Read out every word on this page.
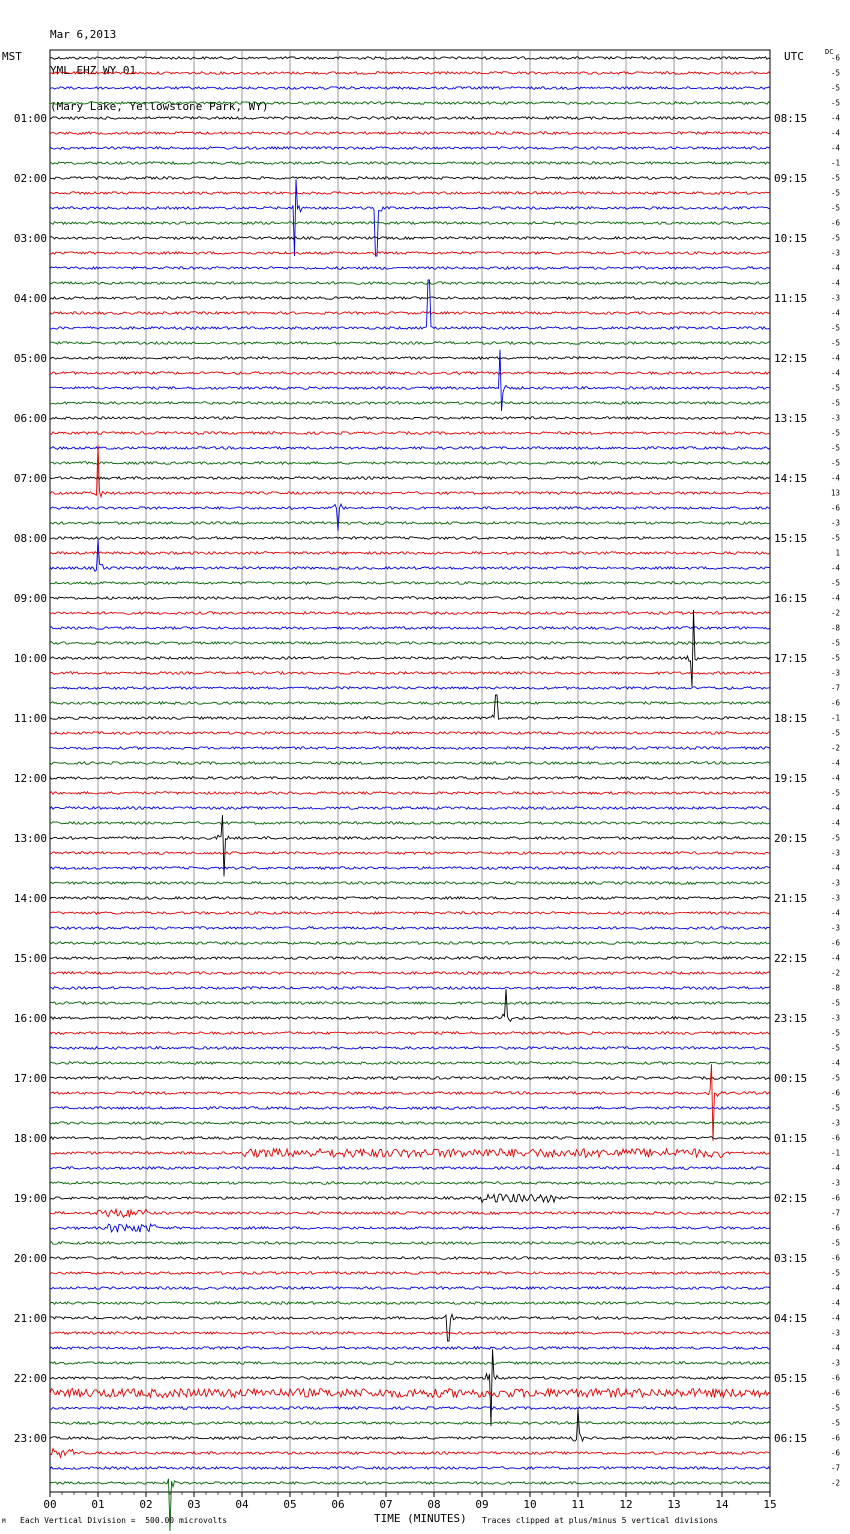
Mar 6,2013

YML EHZ WY 01

(Mary Lake, Yellowstone Park, WY)

MST	UTC	DC
-6
-5
-5
-5
-4
-4
-4
-1
-5
-5
-5
-6
-5
-3
-4
-4
-3
-4
-5
-5
-4
-4
-5
-5
-3
-5
-5
-5
-4
13
-6
-3
-5
1
-4
-5
-4
-2
-8
-5
-5
-3
-7
-6
-1
-5
-2
-4
-4
-5
-4
-4
-5
-3
-4
-3
-3
-4
-3
-6
-4
-2
-8
-5
-3
-5
-5
-4
-5
-6
-5
-3
-6
-1
-4
-3
-6
-7
-6
-5
-6
-5
-4
-4
-4
-3
-4
-3
-6
-6
-5
-5
-6
-6
-7
-2
01:00	08:15
02:00	09:15
03:00	10:15
04:00	11:15
05:00	12:15
06:00	13:15
07:00	14:15
08:00	15:15
09:00	16:15
10:00	17:15
11:00	18:15
12:00	19:15
13:00	20:15
14:00	21:15
15:00	22:15
16:00	23:15
17:00	00:15
18:00	01:15
19:00	02:15
20:00	03:15
21:00	04:15
22:00	05:15
23:00	06:15
00	01	02	03	04	05	06	07	08	09	10	11	12	13	14	15
M Each Vertical Division =  500.00 microvolts	TIME (MINUTES) Traces clipped at plus/minus 5 vertical divisions
